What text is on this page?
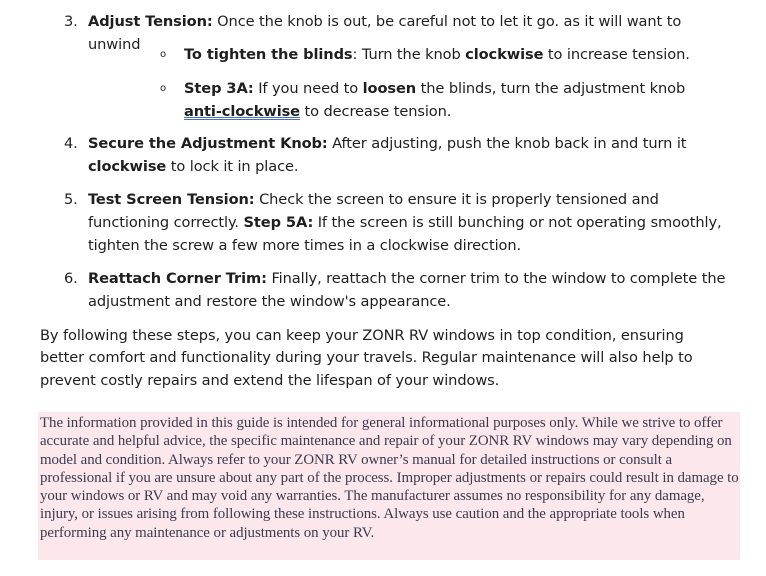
3. Adjust Tension: Once the knob is out, be careful not to let it go. as it will want to unwind
o To tighten the blinds: Turn the knob clockwise to increase tension.
o Step 3A: If you need to loosen the blinds, turn the adjustment knob anti-clockwise to decrease tension.
4. Secure the Adjustment Knob: After adjusting, push the knob back in and turn it clockwise to lock it in place.
5. Test Screen Tension: Check the screen to ensure it is properly tensioned and functioning correctly. Step 5A: If the screen is still bunching or not operating smoothly, tighten the screw a few more times in a clockwise direction.
6. Reattach Corner Trim: Finally, reattach the corner trim to the window to complete the adjustment and restore the window's appearance.
By following these steps, you can keep your ZONR RV windows in top condition, ensuring better comfort and functionality during your travels. Regular maintenance will also help to prevent costly repairs and extend the lifespan of your windows.

The information provided in this guide is intended for general informational purposes only. While we strive to offer accurate and helpful advice, the specific maintenance and repair of your ZONR RV windows may vary depending on model and condition. Always refer to your ZONR RV owner’s manual for detailed instructions or consult a professional if you are unsure about any part of the process. Improper adjustments or repairs could result in damage to your windows or RV and may void any warranties. The manufacturer assumes no responsibility for any damage, injury, or issues arising from following these instructions. Always use caution and the appropriate tools when performing any maintenance or adjustments on your RV.
